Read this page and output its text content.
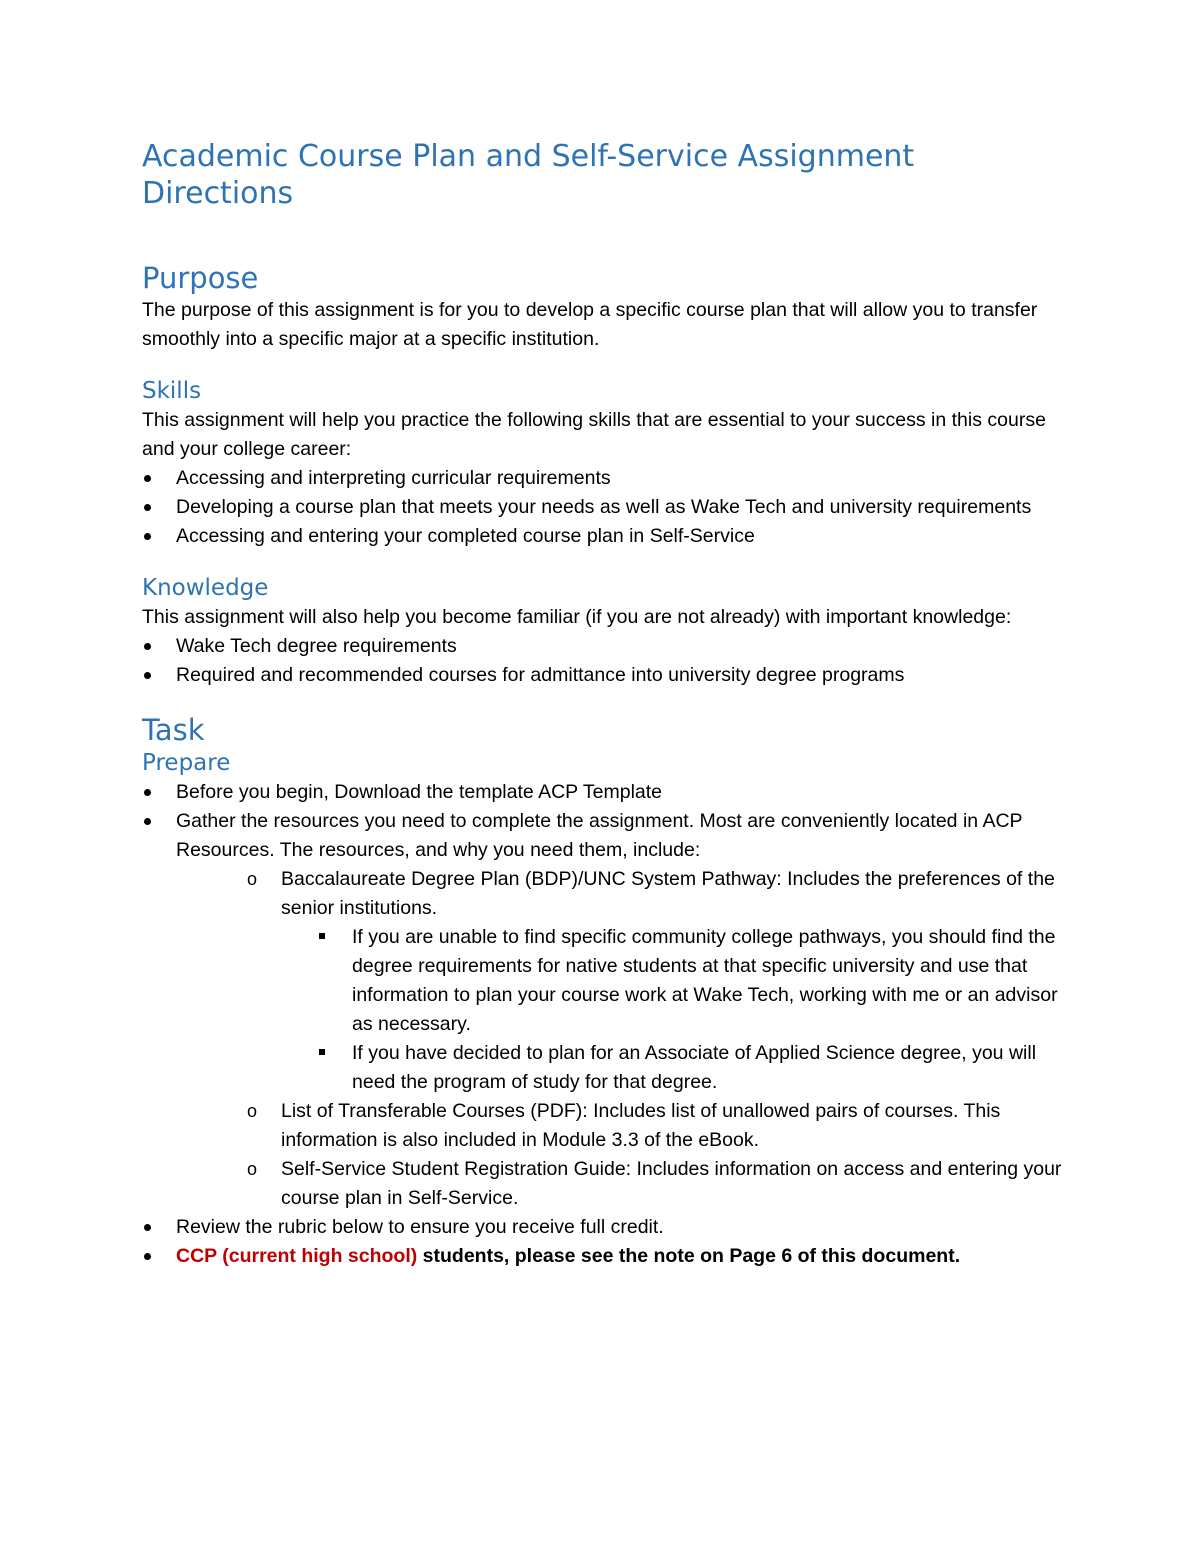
Academic Course Plan and Self-Service Assignment Directions
Purpose

The purpose of this assignment is for you to develop a specific course plan that will allow you to transfer smoothly into a specific major at a specific institution.

Skills

This assignment will help you practice the following skills that are essential to your success in this course and your college career:

Accessing and interpreting curricular requirements
Developing a course plan that meets your needs as well as Wake Tech and university requirements
Accessing and entering your completed course plan in Self-Service
Knowledge

This assignment will also help you become familiar (if you are not already) with important knowledge:

Wake Tech degree requirements
Required and recommended courses for admittance into university degree programs
Task
Prepare
Before you begin, Download the template ACP Template
Gather the resources you need to complete the assignment. Most are conveniently located in ACP Resources. The resources, and why you need them, include:
o Baccalaureate Degree Plan (BDP)/UNC System Pathway: Includes the preferences of the senior institutions.
If you are unable to find specific community college pathways, you should find the degree requirements for native students at that specific university and use that information to plan your course work at Wake Tech, working with me or an advisor as necessary.
If you have decided to plan for an Associate of Applied Science degree, you will need the program of study for that degree.
o List of Transferable Courses (PDF): Includes list of unallowed pairs of courses. This information is also included in Module 3.3 of the eBook.
o Self-Service Student Registration Guide: Includes information on access and entering your course plan in Self-Service.
Review the rubric below to ensure you receive full credit.
CCP (current high school) students, please see the note on Page 6 of this document.
